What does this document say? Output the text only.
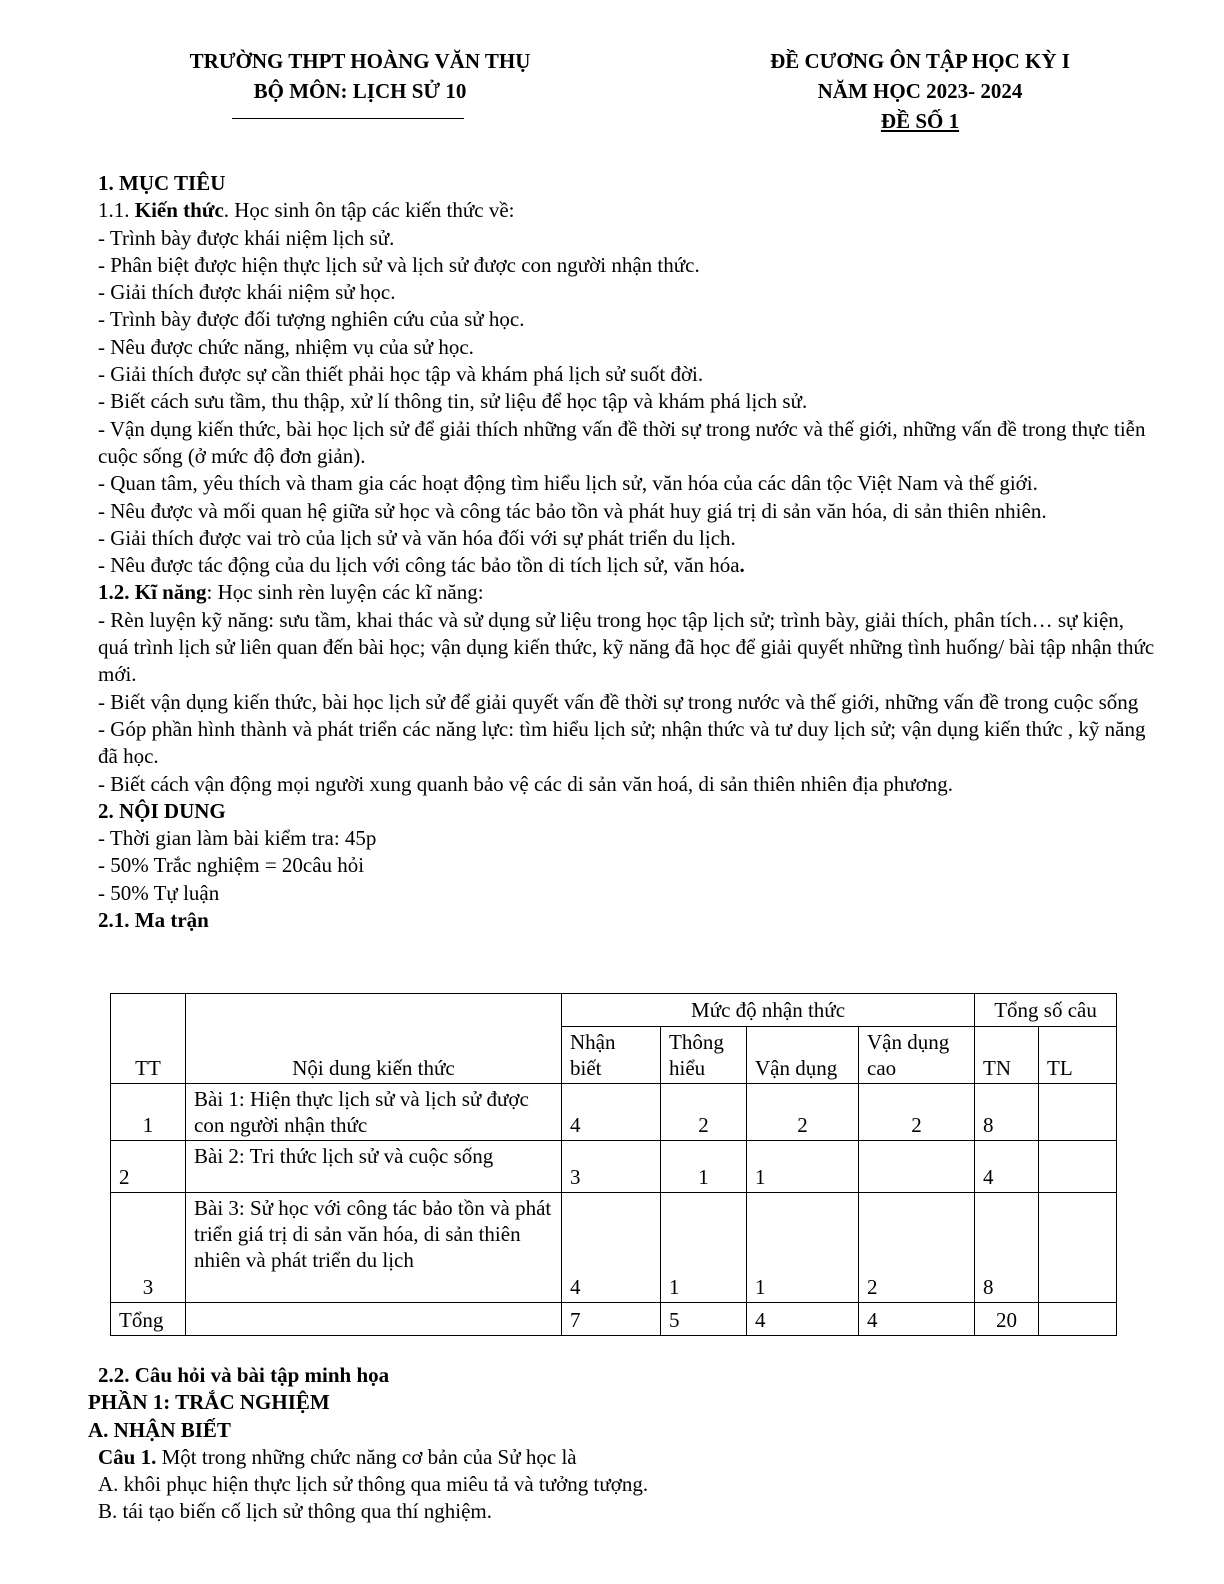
TRƯỜNG THPT HOÀNG VĂN THỤ
BỘ MÔN: LỊCH SỬ 10
ĐỀ CƯƠNG ÔN TẬP HỌC KỲ I
NĂM HỌC 2023- 2024
ĐỀ SỐ 1

1. MỤC TIÊU

1.1. Kiến thức. Học sinh ôn tập các kiến thức về:

- Trình bày được khái niệm lịch sử.

- Phân biệt được hiện thực lịch sử và lịch sử được con người nhận thức.

- Giải thích được khái niệm sử học.

- Trình bày được đối tượng nghiên cứu của sử học.

- Nêu được chức năng, nhiệm vụ của sử học.

- Giải thích được sự cần thiết phải học tập và khám phá lịch sử suốt đời.

- Biết cách sưu tầm, thu thập, xử lí thông tin, sử liệu để học tập và khám phá lịch sử.

- Vận dụng kiến thức, bài học lịch sử để giải thích những vấn đề thời sự trong nước và thế giới, những vấn đề trong thực tiễn cuộc sống (ở mức độ đơn giản).

- Quan tâm, yêu thích và tham gia các hoạt động tìm hiểu lịch sử, văn hóa của các dân tộc Việt Nam và thế giới.

- Nêu được và mối quan hệ giữa sử học và công tác bảo tồn và phát huy giá trị di sản văn hóa, di sản thiên nhiên.

- Giải thích được vai trò của lịch sử và văn hóa đối với sự phát triển du lịch.

- Nêu được tác động của du lịch với công tác bảo tồn di tích lịch sử, văn hóa.

1.2. Kĩ năng: Học sinh rèn luyện các kĩ năng:

- Rèn luyện kỹ năng: sưu tầm, khai thác và sử dụng sử liệu trong học tập lịch sử; trình bày, giải thích, phân tích… sự kiện, quá trình lịch sử liên quan đến bài học; vận dụng kiến thức, kỹ năng đã học để giải quyết những tình huống/ bài tập nhận thức mới.

- Biết vận dụng kiến thức, bài học lịch sử để giải quyết vấn đề thời sự trong nước và thế giới, những vấn đề trong cuộc sống

- Góp phần hình thành và phát triển các năng lực: tìm hiểu lịch sử; nhận thức và tư duy lịch sử; vận dụng kiến thức , kỹ năng đã học.

- Biết cách vận động mọi người xung quanh bảo vệ các di sản văn hoá, di sản thiên nhiên địa phương.

2. NỘI DUNG

- Thời gian làm bài kiểm tra: 45p

- 50% Trắc nghiệm = 20câu hỏi

- 50% Tự luận

2.1. Ma trận

TT	Nội dung kiến thức	Mức độ nhận thức				Tổng số câu	
		Nhận biết	Thông hiểu	Vận dụng	Vận dụng cao	TN	TL
1	Bài 1: Hiện thực lịch sử và lịch sử được con người nhận thức	4	2	2	2	8	
2	Bài 2: Tri thức lịch sử và cuộc sống	3	1	1		4	
3	Bài 3: Sử học với công tác bảo tồn và phát triển giá trị di sản văn hóa, di sản thiên nhiên và phát triển du lịch	4	1	1	2	8	
Tổng		7	5	4	4	20	

2.2. Câu hỏi và bài tập minh họa

PHẦN 1: TRẮC NGHIỆM

A. NHẬN BIẾT

Câu 1. Một trong những chức năng cơ bản của Sử học là

A. khôi phục hiện thực lịch sử thông qua miêu tả và tưởng tượng.

B. tái tạo biến cố lịch sử thông qua thí nghiệm.
